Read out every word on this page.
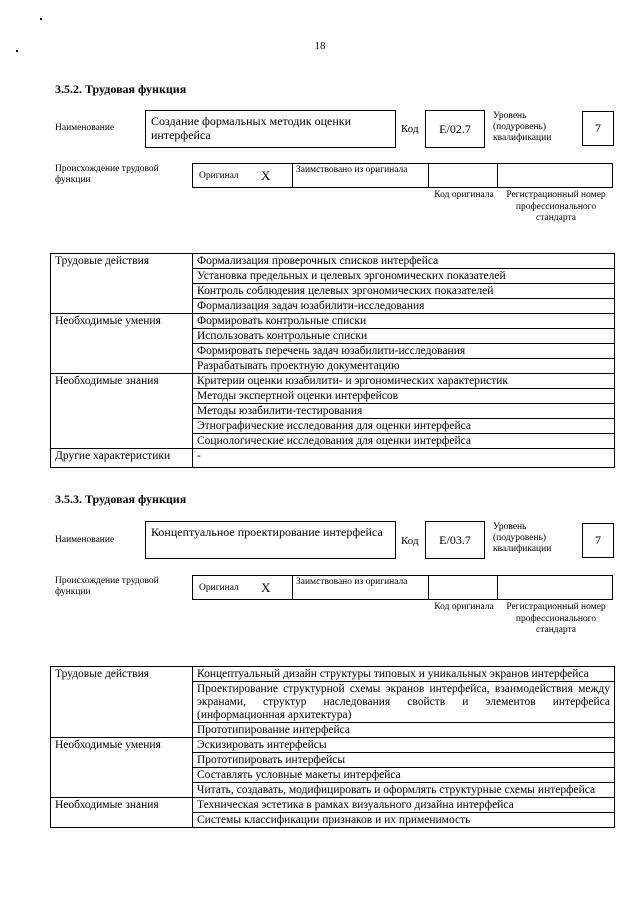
18
3.5.2. Трудовая функция
Наименование	Создание формальных методик оценки интерфейса	Код	E/02.7
Уровень (подуровень) квалификации
7
Происхождение трудовой функции	Оригинал X	Заимствовано из оригинала
Код оригинала Регистрационный номер профессионального стандарта
Трудовые действия	Формализация проверочных списков интерфейса
	Установка предельных и целевых эргономических показателей
	Контроль соблюдения целевых эргономических показателей
	Формализация задач юзабилити-исследования
Необходимые умения	Формировать контрольные списки
	Использовать контрольные списки
	Формировать перечень задач юзабилити-исследования
	Разрабатывать проектную документацию
Необходимые знания	Критерии оценки юзабилити- и эргономических характеристик
	Методы экспертной оценки интерфейсов
	Методы юзабилити-тестирования
	Этнографические исследования для оценки интерфейса
	Социологические исследования для оценки интерфейса
Другие характеристики	-
3.5.3. Трудовая функция
Наименование
Концептуальное проектирование интерфейса
Код	E/03.7
Уровень (подуровень) квалификации
7
Происхождение трудовой функции	Оригинал X	Заимствовано из оригинала
Код оригинала Регистрационный номер профессионального стандарта
Трудовые действия	Концептуальный дизайн структуры типовых и уникальных экранов интерфейса
	Проектирование структурной схемы экранов интерфейса, взаимодействия между экранами, структур наследования свойств и элементов интерфейса (информационная архитектура)
	Прототипирование интерфейса
Необходимые умения	Эскизировать интерфейсы
	Прототипировать интерфейсы
	Составлять условные макеты интерфейса
	Читать, создавать, модифицировать и оформлять структурные схемы интерфейса
Необходимые знания	Техническая эстетика в рамках визуального дизайна интерфейса
	Системы классификации признаков и их применимость
